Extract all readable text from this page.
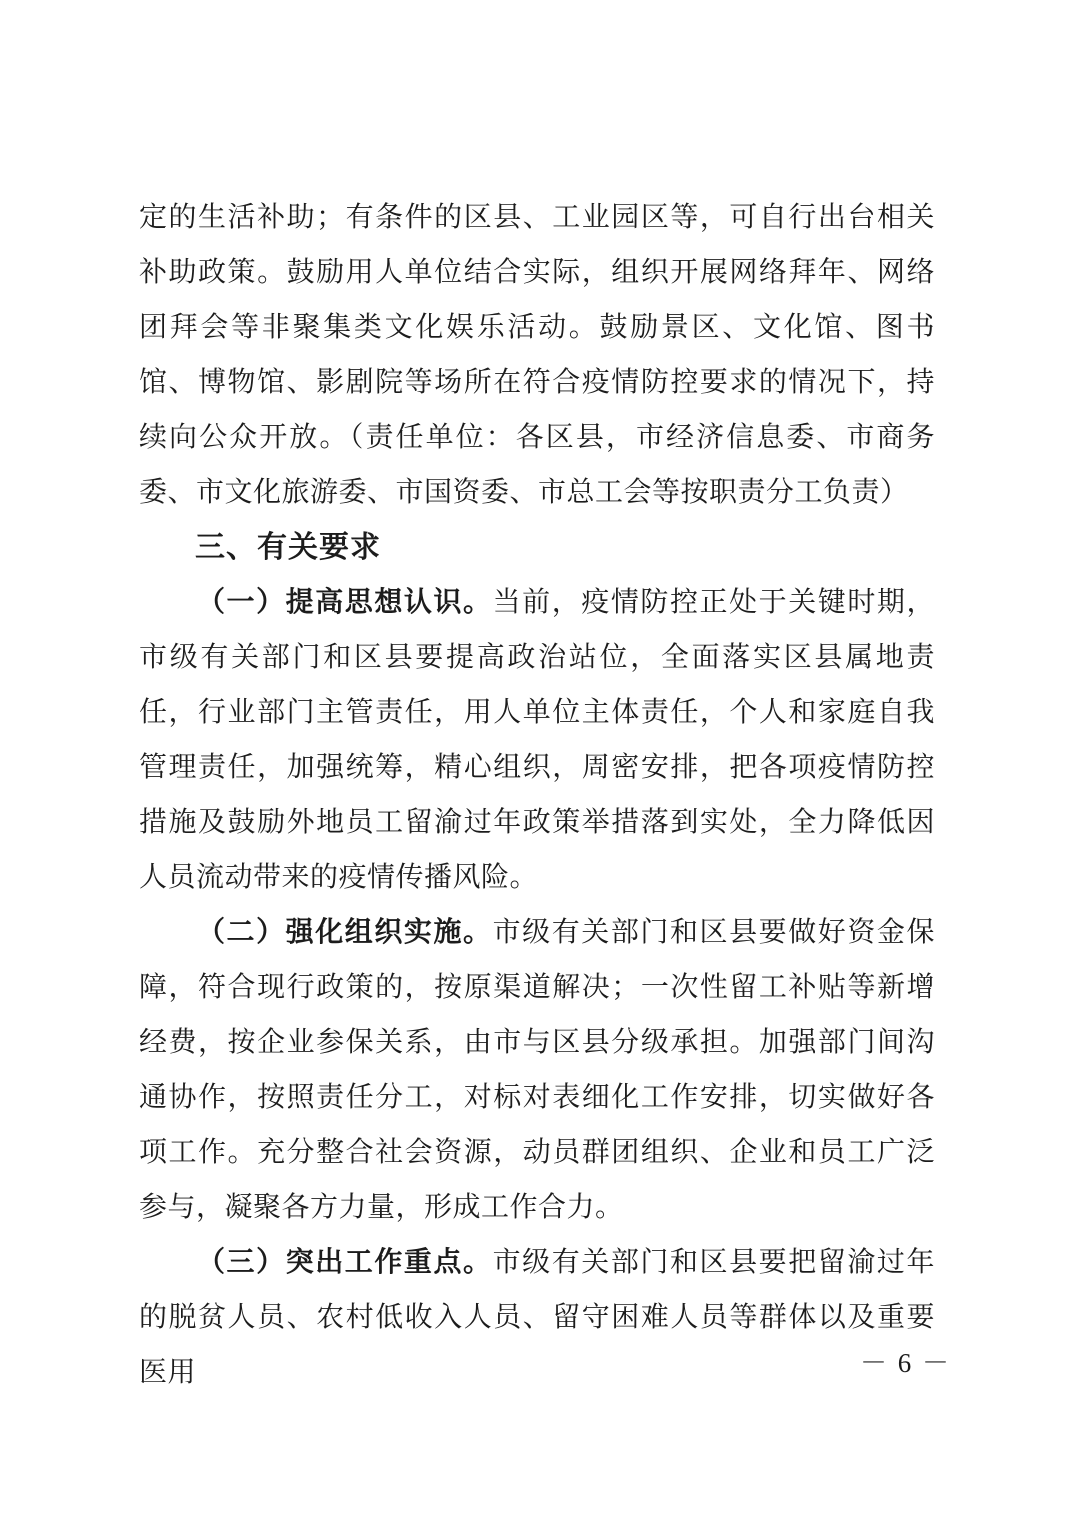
定的生活补助；有条件的区县、工业园区等，可自行出台相关补助政策。鼓励用人单位结合实际，组织开展网络拜年、网络团拜会等非聚集类文化娱乐活动。鼓励景区、文化馆、图书馆、博物馆、影剧院等场所在符合疫情防控要求的情况下，持续向公众开放。（责任单位：各区县，市经济信息委、市商务委、市文化旅游委、市国资委、市总工会等按职责分工负责）

三、有关要求

（一）提高思想认识。当前，疫情防控正处于关键时期，市级有关部门和区县要提高政治站位，全面落实区县属地责任，行业部门主管责任，用人单位主体责任，个人和家庭自我管理责任，加强统筹，精心组织，周密安排，把各项疫情防控措施及鼓励外地员工留渝过年政策举措落到实处，全力降低因人员流动带来的疫情传播风险。

（二）强化组织实施。市级有关部门和区县要做好资金保障，符合现行政策的，按原渠道解决；一次性留工补贴等新增经费，按企业参保关系，由市与区县分级承担。加强部门间沟通协作，按照责任分工，对标对表细化工作安排，切实做好各项工作。充分整合社会资源，动员群团组织、企业和员工广泛参与，凝聚各方力量，形成工作合力。

（三）突出工作重点。市级有关部门和区县要把留渝过年的脱贫人员、农村低收入人员、留守困难人员等群体以及重要医用	－ 6 －
